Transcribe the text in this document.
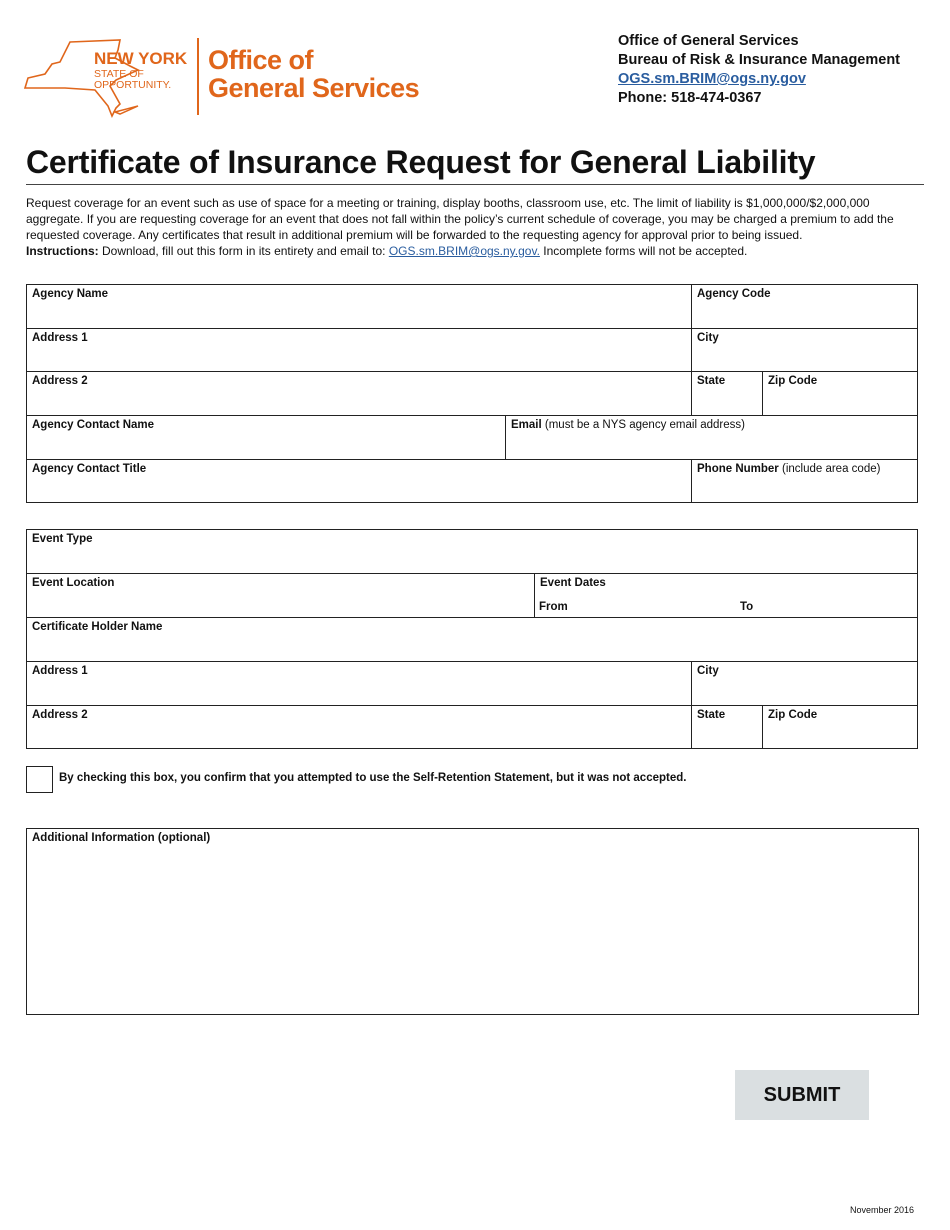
NEW YORK
STATE OF
OPPORTUNITY.
Office of
General Services
Office of General Services
Bureau of Risk & Insurance Management
OGS.sm.BRIM@ogs.ny.gov
Phone: 518-474-0367
Certificate of Insurance Request for General Liability
Request coverage for an event such as use of space for a meeting or training, display booths, classroom use, etc. The limit of liability is $1,000,000/$2,000,000 aggregate. If you are requesting coverage for an event that does not fall within the policy’s current schedule of coverage, you may be charged a premium to add the requested coverage. Any certificates that result in additional premium will be forwarded to the requesting agency for approval prior to being issued.
Instructions: Download, fill out this form in its entirety and email to: OGS.sm.BRIM@ogs.ny.gov. Incomplete forms will not be accepted.
Agency Name	Agency Code
Address 1	City
Address 2	State	Zip Code
Agency Contact Name	Email (must be a NYS agency email address)
Agency Contact Title	Phone Number (include area code)
Event Type
Event Location	Event Dates
From	To
Certificate Holder Name
Address 1	City
Address 2	State	Zip Code
By checking this box, you confirm that you attempted to use the Self-Retention Statement, but it was not accepted.
Additional Information (optional)
SUBMIT
November 2016
